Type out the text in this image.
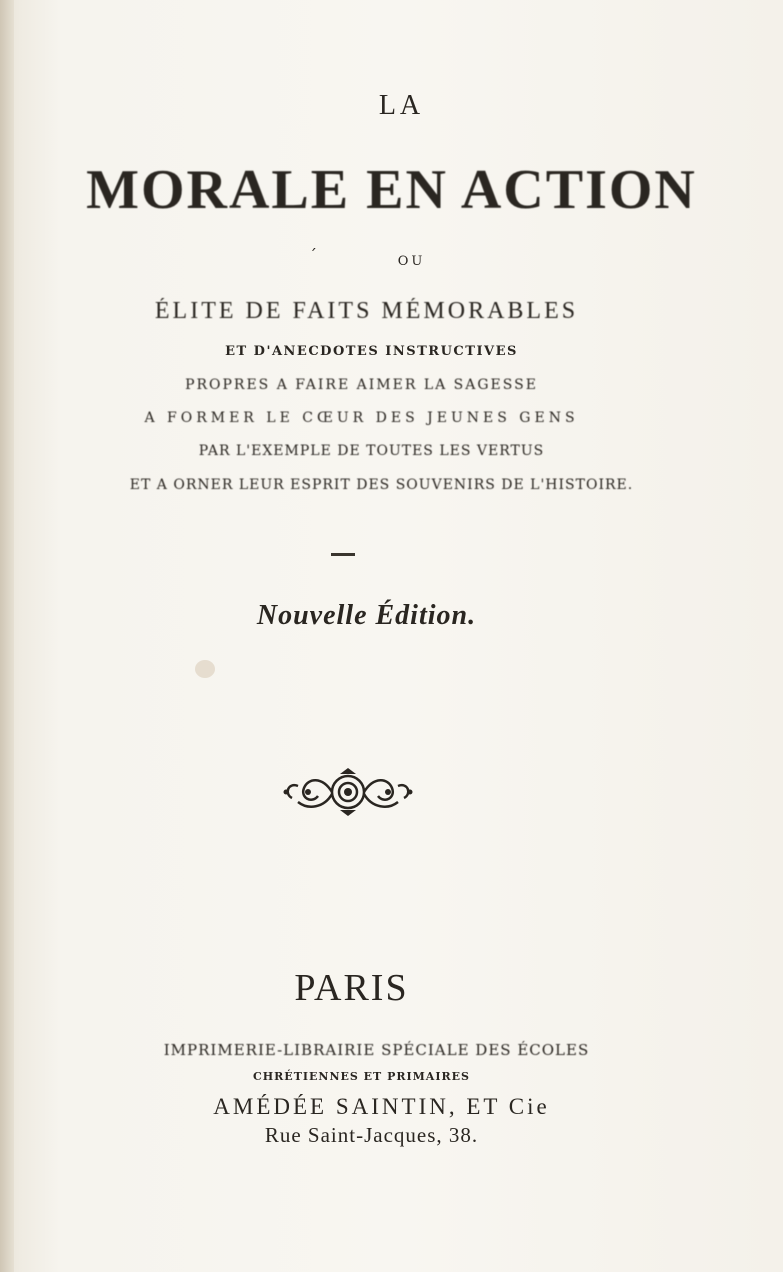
LA
MORALE EN ACTION
´	OU
ÉLITE DE FAITS MÉMORABLES
ET D'ANECDOTES INSTRUCTIVES
PROPRES A FAIRE AIMER LA SAGESSE
A FORMER LE CŒUR DES JEUNES GENS
PAR L'EXEMPLE DE TOUTES LES VERTUS
ET A ORNER LEUR ESPRIT DES SOUVENIRS DE L'HISTOIRE.
Nouvelle Édition.
PARIS
IMPRIMERIE-LIBRAIRIE SPÉCIALE DES ÉCOLES
CHRÉTIENNES ET PRIMAIRES
AMÉDÉE SAINTIN, ET Cie
Rue Saint-Jacques, 38.
